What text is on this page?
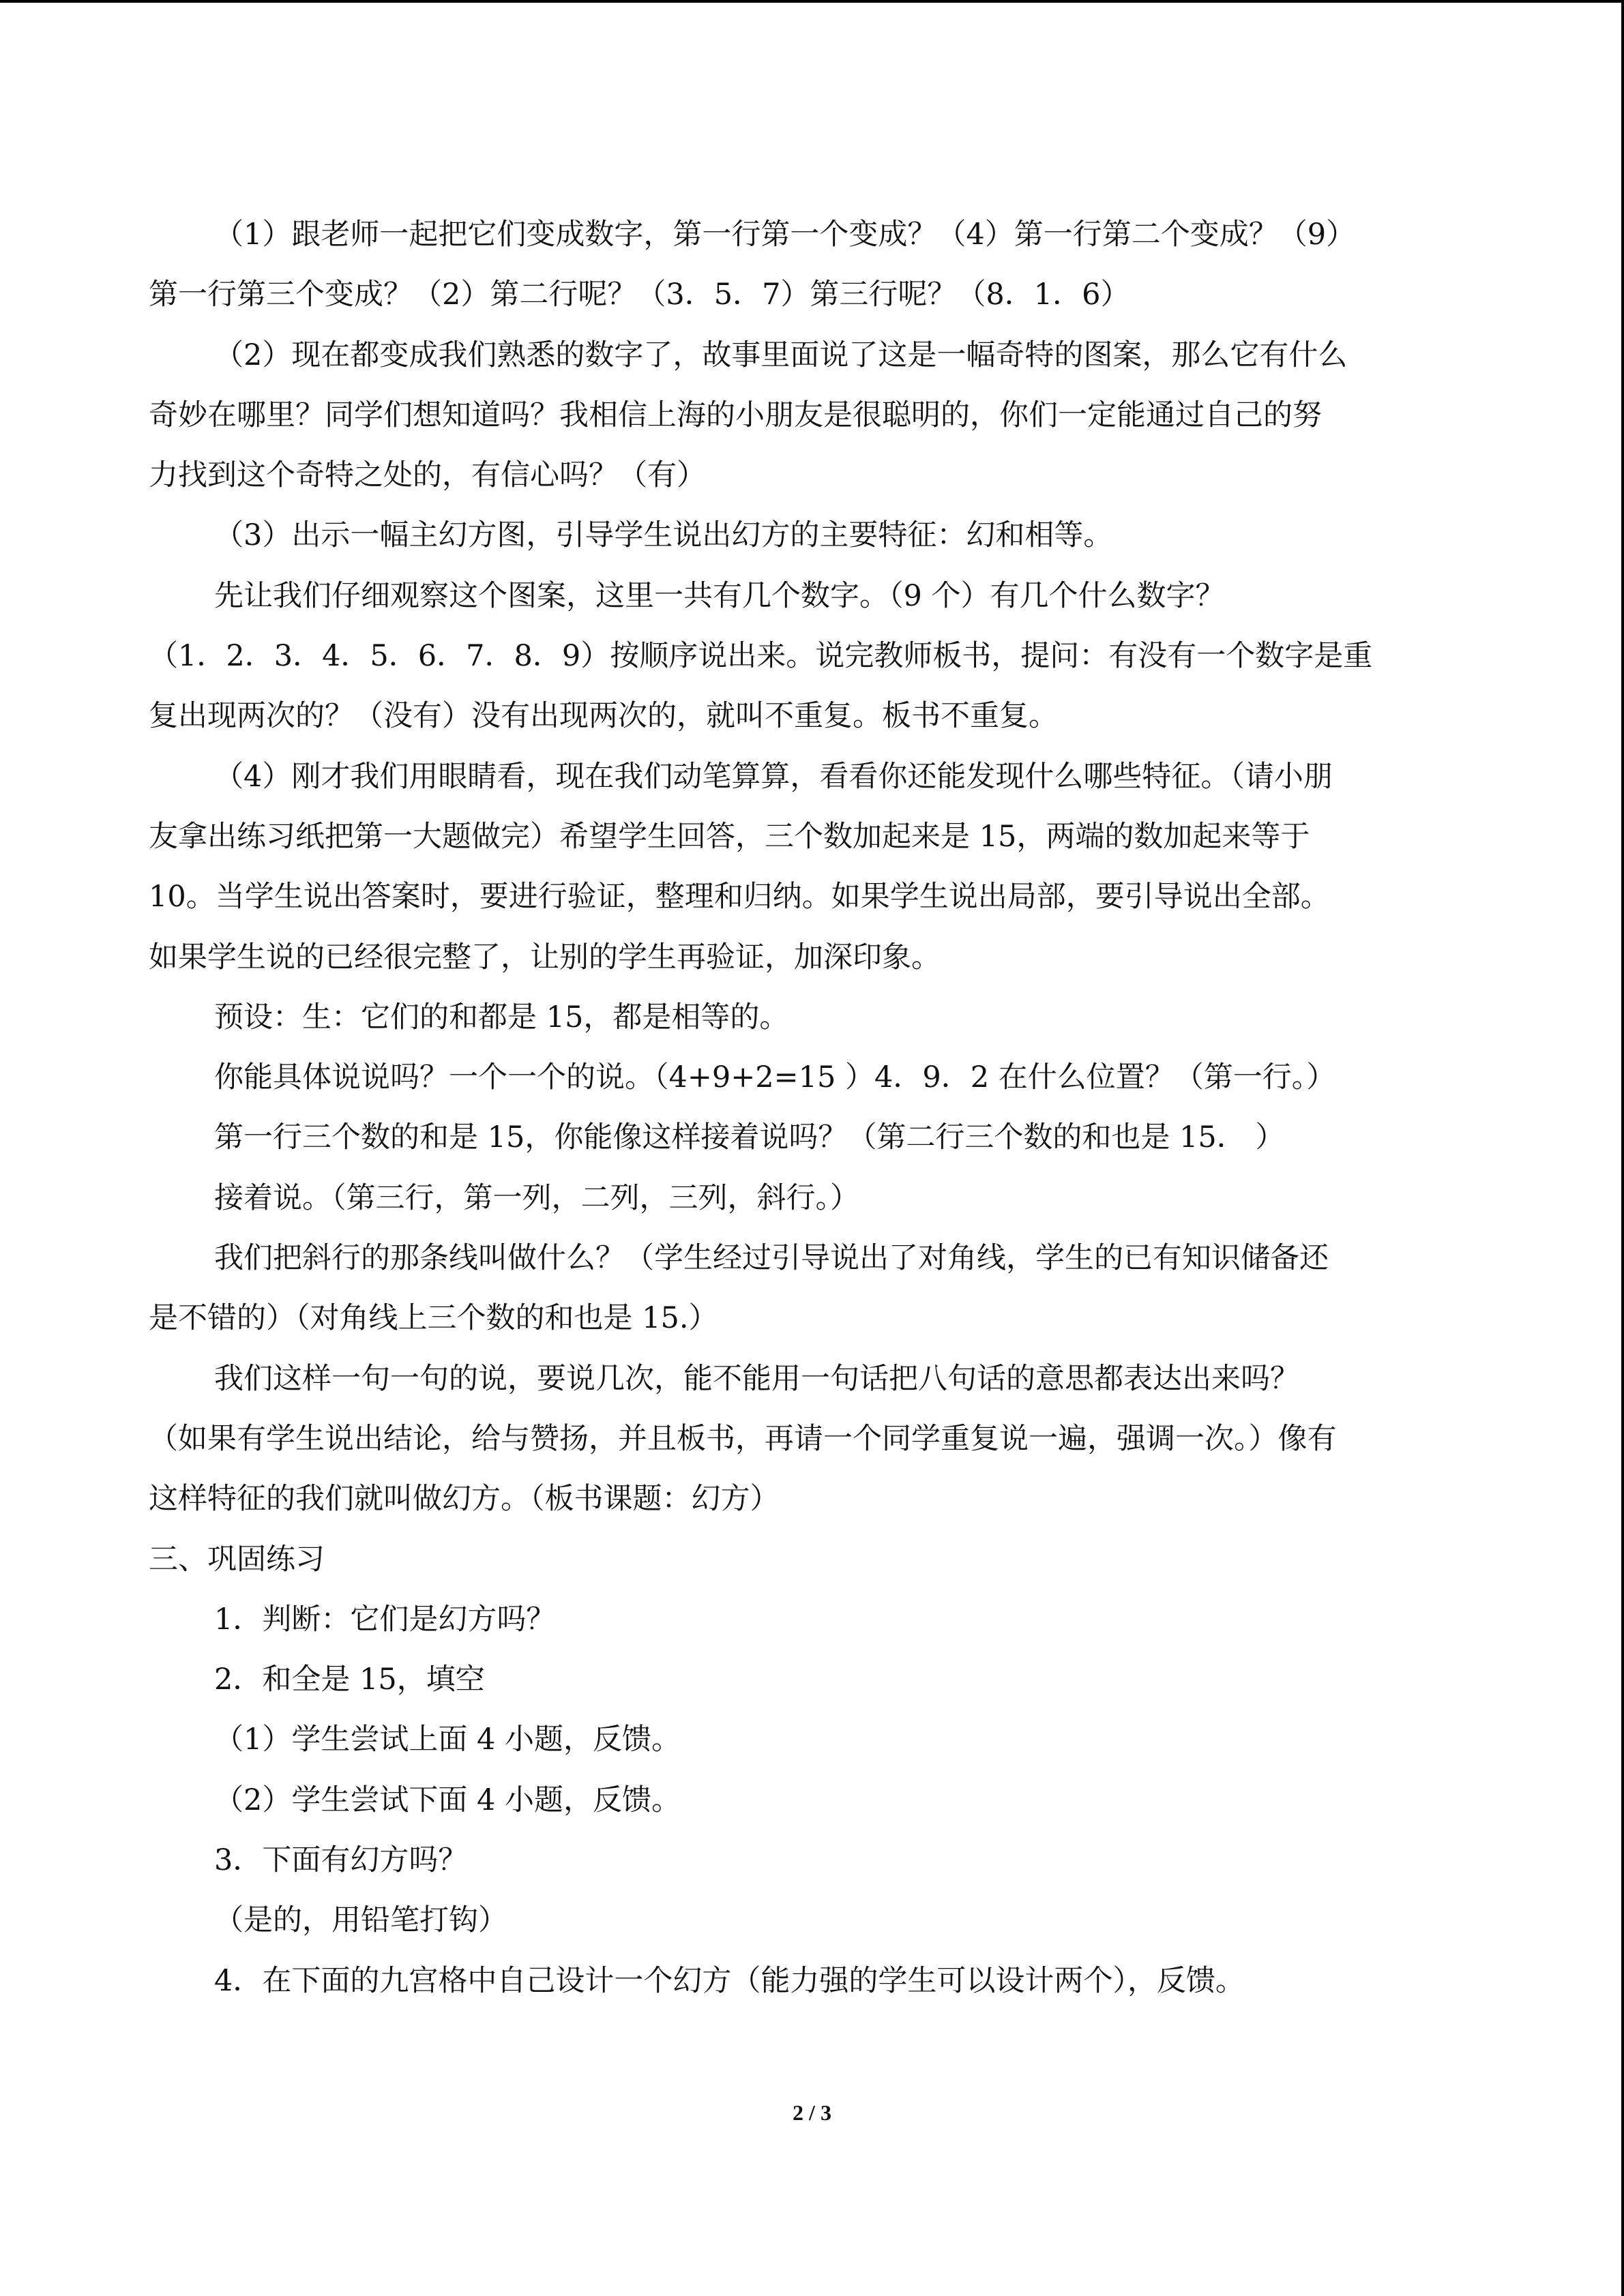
（1）跟老师一起把它们变成数字，第一行第一个变成？（4）第一行第二个变成？（9）

第一行第三个变成？（2）第二行呢？（3．5．7）第三行呢？（8．1．6）

（2）现在都变成我们熟悉的数字了，故事里面说了这是一幅奇特的图案，那么它有什么

奇妙在哪里？同学们想知道吗？我相信上海的小朋友是很聪明的，你们一定能通过自己的努

力找到这个奇特之处的，有信心吗？（有）

（3）出示一幅主幻方图，引导学生说出幻方的主要特征：幻和相等。

先让我们仔细观察这个图案，这里一共有几个数字。（9 个）有几个什么数字？

（1．2．3．4．5．6．7．8．9）按顺序说出来。说完教师板书，提问：有没有一个数字是重

复出现两次的？（没有）没有出现两次的，就叫不重复。板书不重复。

（4）刚才我们用眼睛看，现在我们动笔算算，看看你还能发现什么哪些特征。（请小朋

友拿出练习纸把第一大题做完）希望学生回答，三个数加起来是 15，两端的数加起来等于

10。当学生说出答案时，要进行验证，整理和归纳。如果学生说出局部，要引导说出全部。

如果学生说的已经很完整了，让别的学生再验证，加深印象。

预设：生：它们的和都是 15，都是相等的。

你能具体说说吗？一个一个的说。（4+9+2=15 ）4．9．2 在什么位置？（第一行。）

第一行三个数的和是 15，你能像这样接着说吗？（第二行三个数的和也是 15． ）

接着说。（第三行，第一列，二列，三列，斜行。）

我们把斜行的那条线叫做什么？（学生经过引导说出了对角线，学生的已有知识储备还

是不错的）（对角线上三个数的和也是 15.）

我们这样一句一句的说，要说几次，能不能用一句话把八句话的意思都表达出来吗？

（如果有学生说出结论，给与赞扬，并且板书，再请一个同学重复说一遍，强调一次。）像有

这样特征的我们就叫做幻方。（板书课题：幻方）

三、巩固练习

1．判断：它们是幻方吗？

2．和全是 15，填空

（1）学生尝试上面 4 小题，反馈。

（2）学生尝试下面 4 小题，反馈。

3．下面有幻方吗？

（是的，用铅笔打钩）

4．在下面的九宫格中自己设计一个幻方（能力强的学生可以设计两个），反馈。

2 / 3
